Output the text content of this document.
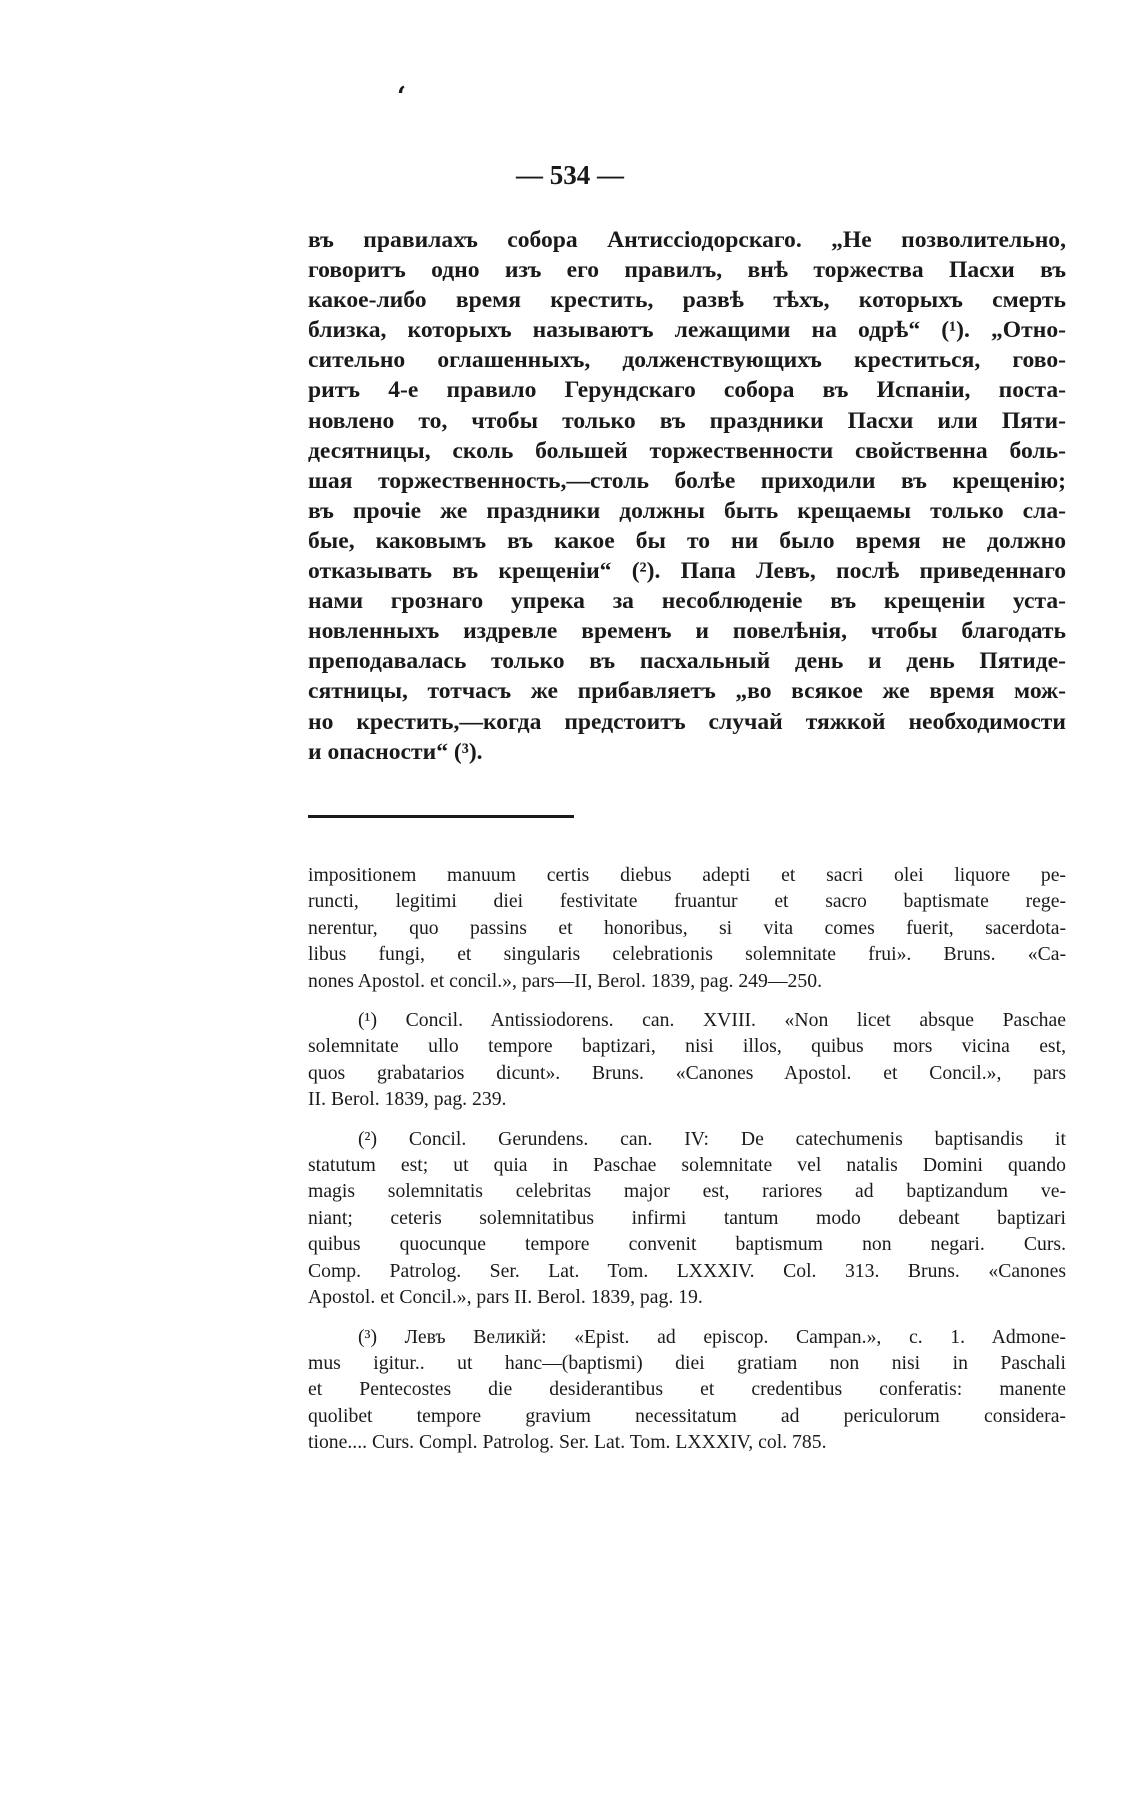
ʻ
— 534 —
въ правилахъ собора Антиссіодорскаго. „Не позволительно,
говоритъ одно изъ его правилъ, внѣ торжества Пасхи въ
какое-либо время крестить, развѣ тѣхъ, которыхъ смерть
близка, которыхъ называютъ лежащими на одрѣ“ (¹). „Отно-
сительно оглашенныхъ, долженствующихъ креститься, гово-
ритъ 4-е правило Герундскаго собора въ Испаніи, поста-
новлено то, чтобы только въ праздники Пасхи или Пяти-
десятницы, сколь большей торжественности свойственна боль-
шая торжественность,—столь болѣе приходили въ крещенію;
въ прочіе же праздники должны быть крещаемы только сла-
бые, каковымъ въ какое бы то ни было время не должно
отказывать въ крещеніи“ (²). Папа Левъ, послѣ приведеннаго
нами грознаго упрека за несоблюденіе въ крещеніи уста-
новленныхъ издревле временъ и повелѣнія, чтобы благодать
преподавалась только въ пасхальный день и день Пятиде-
сятницы, тотчасъ же прибавляетъ „во всякое же время мож-
но крестить,—когда предстоитъ случай тяжкой необходимости
и опасности“ (³).
impositionem manuum certis diebus adepti et sacri olei liquore pe-
runcti, legitimi diei festivitate fruantur et sacro baptismate rege-
nerentur, quo passins et honoribus, si vita comes fuerit, sacerdota-
libus fungi, et singularis celebrationis solemnitate frui». Bruns. «Ca-
nones Apostol. et concil.», pars—II, Berol. 1839, pag. 249—250.
(¹) Concil. Antissiodorens. can. XVIII. «Non licet absque Paschae
solemnitate ullo tempore baptizari, nisi illos, quibus mors vicina est,
quos grabatarios dicunt». Bruns. «Canones Apostol. et Concil.», pars
II. Berol. 1839, pag. 239.
(²) Concil. Gerundens. can. IV: De catechumenis baptisandis it
statutum est; ut quia in Paschae solemnitate vel natalis Domini quando
magis solemnitatis celebritas major est, rariores ad baptizandum ve-
niant; ceteris solemnitatibus infirmi tantum modo debeant baptizari
quibus quocunque tempore convenit baptismum non negari. Curs.
Comp. Patrolog. Ser. Lat. Tom. LXXXIV. Col. 313. Bruns. «Canones
Apostol. et Concil.», pars II. Berol. 1839, pag. 19.
(³) Левъ Великій: «Epist. ad episcop. Campan.», c. 1. Admone-
mus igitur.. ut hanc—(baptismi) diei gratiam non nisi in Paschali
et Pentecostes die desiderantibus et credentibus conferatis: manente
quolibet tempore gravium necessitatum ad periculorum considera-
tione.... Curs. Compl. Patrolog. Ser. Lat. Tom. LXXXIV, col. 785.
